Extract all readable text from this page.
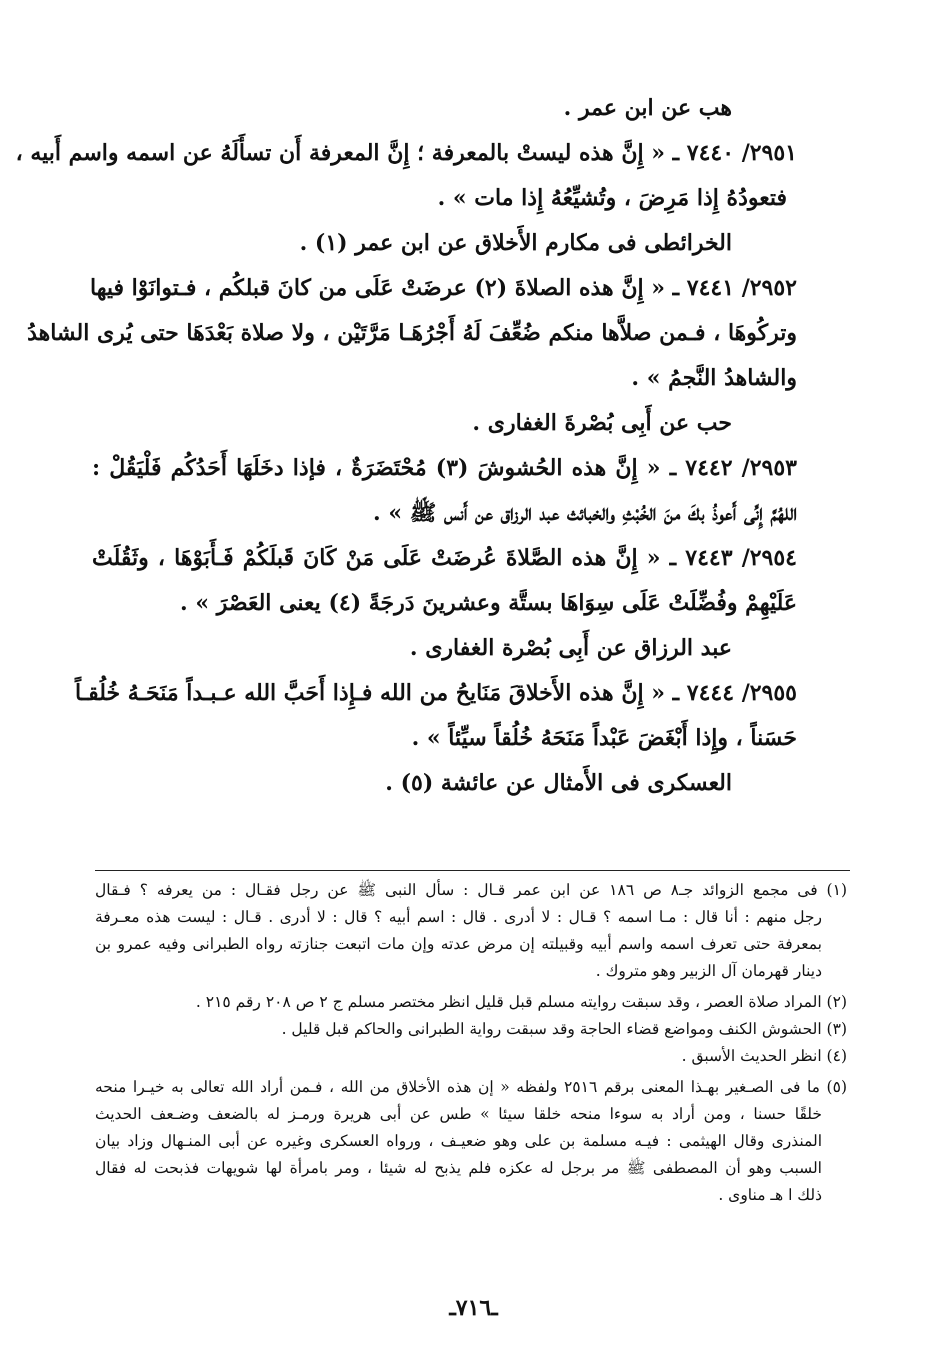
هب عن ابن عمر .
٢٩٥١/ ٧٤٤٠ ـ « إِنَّ هذه ليستْ بالمعرفة ؛ إِنَّ المعرفة أَن تسأَلَهُ عن اسمه واسم أَبيه ،
فتعودُهُ إِذا مَرِضَ ، وتُشيِّعُهُ إِذا مات » .
الخرائطى فى مكارم الأَخلاق عن ابن عمر (١) .
٢٩٥٢/ ٧٤٤١ ـ « إِنَّ هذه الصلاةَ (٢) عرضَتْ عَلَى من كانَ قبلكُم ، فـتوانَوْا فيها
وتركُوهَا ، فـمن صلاَّها منكم ضُعِّفَ لَهُ أَجْرُهَـا مَرَّتَيْن ، ولا صلاة بَعْدَهَا حتى يُرى الشاهدُ
والشاهدُ النَّجمُ » .
حب عن أَبِى بُصْرةَ الغفارى .
٢٩٥٣/ ٧٤٤٢ ـ « إِنَّ هذه الحُشوشَ (٣) مُحْتَضَرَةٌ ، فإذا دخَلَهَا أَحَدُكُم فَلْيَقُلْ :
اللهُمَّ إِنِّى أَعوذُ بكَ منَ الخُبْثِ والخبائث عبد الرزاق عن أَنس ﷺ » .
٢٩٥٤/ ٧٤٤٣ ـ « إِنَّ هذه الصَّلاةَ عُرضَتْ عَلَى مَنْ كَانَ قَبلَكُمْ فَـأَبَوْهَا ، وثَقُلَتْ
عَلَيْهِمْ وفُضِّلَتْ عَلَى سِوَاهَا بستَّة وعشرينَ دَرجَةً (٤) يعنى العَصْرَ » .
عبد الرزاق عن أَبِى بُصْرة الغفارى .
٢٩٥٥/ ٧٤٤٤ ـ « إِنَّ هذه الأَخلاقَ مَنَايحُ من الله فـإِذا أَحَبَّ الله عـبـداً مَنَحَـهُ خُلُقـاً
حَسَناً ، وإِذا أَبْغَضَ عَبْداً مَنَحَهُ خُلُقاً سيِّئاً » .
العسكرى فى الأَمثال عن عائشة (٥) .
(١) فى مجمع الزوائد جـ٨ ص ١٨٦ عن ابن عمر قـال : سأل النبى ﷺ عن رجل فقـال : من يعرفه ؟ فـقال
رجل منهم : أنا قال : مـا اسمه ؟ قـال : لا أدرى . قال : اسم أبيه ؟ قال : لا أدرى . قـال : ليست هذه معـرفة
بمعرفة حتى تعرف اسمه واسم أبيه وقبيلته إن مرض عدته وإن مات اتبعت جنازته رواه الطبرانى وفيه عمرو بن
دينار قهرمان آل الزبير وهو متروك .
(٢) المراد صلاة العصر ، وقد سبقت روايته مسلم قبل قليل انظر مختصر مسلم ج ٢ ص ٢٠٨ رقم ٢١٥ .
(٣) الحشوش الكنف ومواضع قضاء الحاجة وقد سبقت رواية الطبرانى والحاكم قبل قليل .
(٤) انظر الحديث الأسبق .
(٥) ما فى الصـغير بهـذا المعنى برقم ٢٥١٦ ولفظه « إن هذه الأخلاق من الله ، فـمن أراد الله تعالى به خيـرا منحه
خلقًا حسنا ، ومن أراد به سوءا منحه خلقا سيئا » طس عن أبى هريرة ورمـز له بالضعف وضـعف الحديث
المنذرى وقال الهيثمى : فيـه مسلمة بن على وهو ضعيـف ، ورواه العسكرى وغيره عن أبى المنـهال وزاد بيان
السبب وهو أن المصطفى ﷺ مر برجل له عكزه فلم يذبح له شيئا ، ومر بامرأة لها شويهات فذبحت له فقال
ذلك ا هـ مناوى .
ـ٧١٦ـ
